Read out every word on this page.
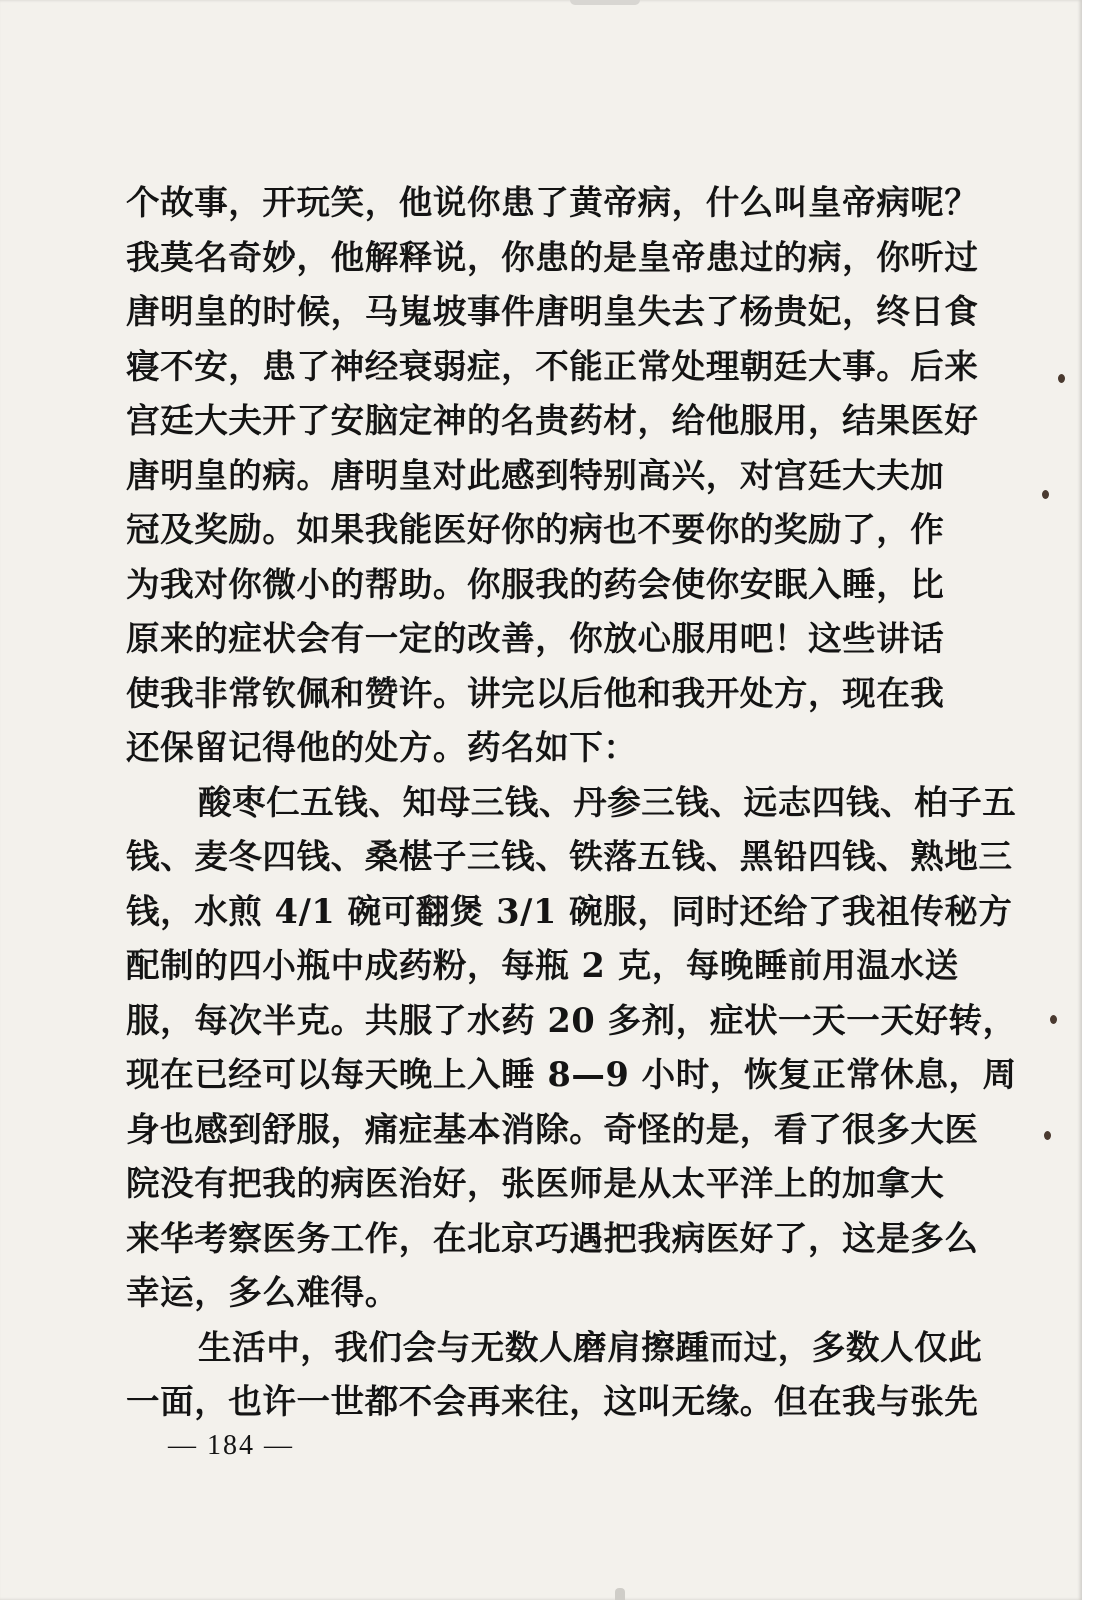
个故事，开玩笑，他说你患了黄帝病，什么叫皇帝病呢？
我莫名奇妙，他解释说，你患的是皇帝患过的病，你听过
唐明皇的时候，马嵬坡事件唐明皇失去了杨贵妃，终日食
寝不安，患了神经衰弱症，不能正常处理朝廷大事。后来
宫廷大夫开了安脑定神的名贵药材，给他服用，结果医好
唐明皇的病。唐明皇对此感到特别高兴，对宫廷大夫加
冠及奖励。如果我能医好你的病也不要你的奖励了，作
为我对你微小的帮助。你服我的药会使你安眠入睡，比
原来的症状会有一定的改善，你放心服用吧！这些讲话
使我非常钦佩和赞许。讲完以后他和我开处方，现在我
还保留记得他的处方。药名如下：
酸枣仁五钱、知母三钱、丹参三钱、远志四钱、柏子五
钱、麦冬四钱、桑椹子三钱、铁落五钱、黑铅四钱、熟地三
钱，水煎 4/1 碗可翻煲 3/1 碗服，同时还给了我祖传秘方
配制的四小瓶中成药粉，每瓶 2 克，每晚睡前用温水送
服，每次半克。共服了水药 20 多剂，症状一天一天好转，
现在已经可以每天晚上入睡 8—9 小时，恢复正常休息，周
身也感到舒服，痛症基本消除。奇怪的是，看了很多大医
院没有把我的病医治好，张医师是从太平洋上的加拿大
来华考察医务工作，在北京巧遇把我病医好了，这是多么
幸运，多么难得。
生活中，我们会与无数人磨肩擦踵而过，多数人仅此
一面，也许一世都不会再来往，这叫无缘。但在我与张先
— 184 —
